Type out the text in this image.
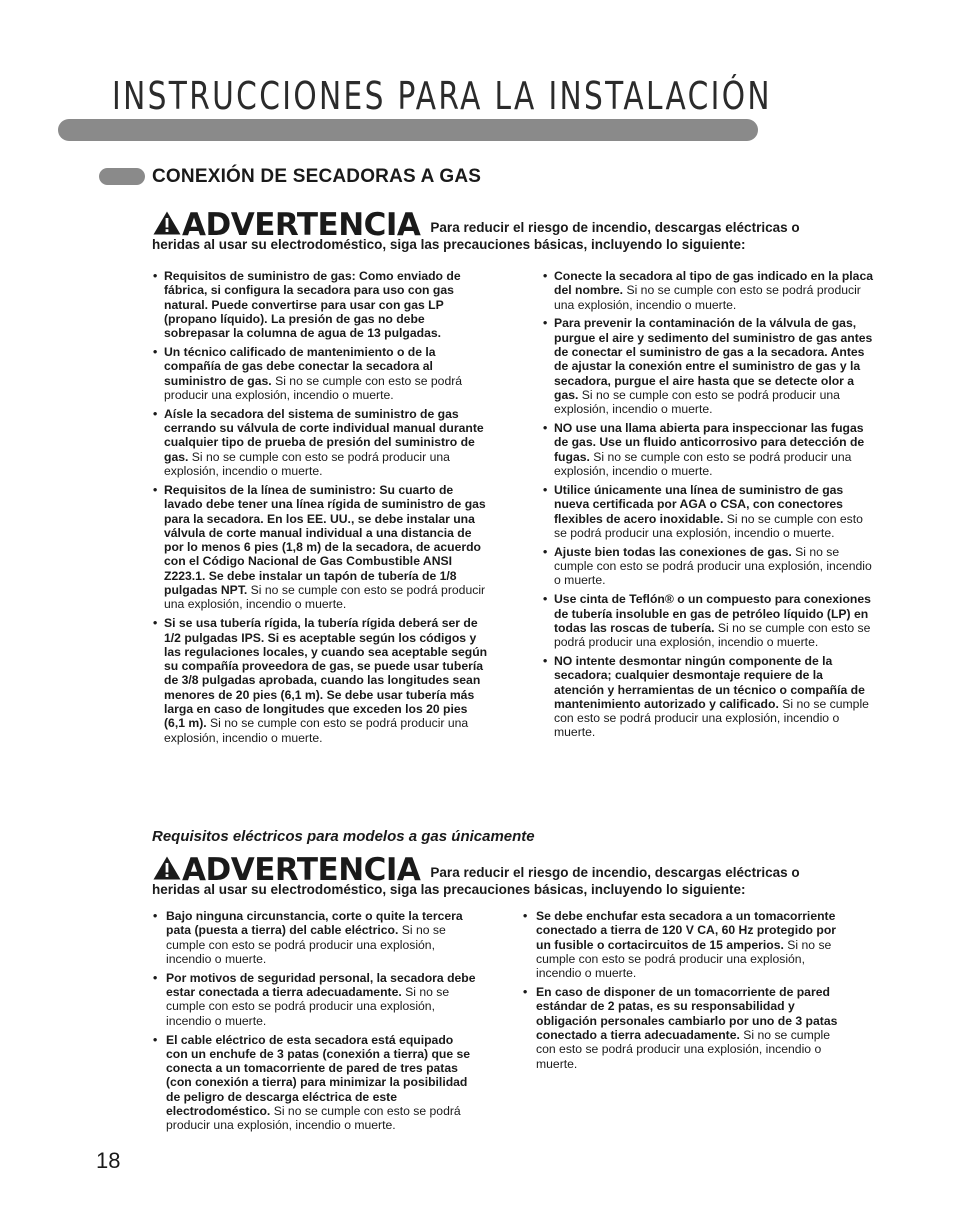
INSTRUCCIONES PARA LA INSTALACIÓN
CONEXIÓN DE SECADORAS A GAS
ADVERTENCIA Para reducir el riesgo de incendio, descargas eléctricas o
heridas al usar su electrodoméstico, siga las precauciones básicas, incluyendo lo siguiente:
• Requisitos de suministro de gas: Como enviado de fábrica, si configura la secadora para uso con gas natural. Puede convertirse para usar con gas LP (propano líquido). La presión de gas no debe sobrepasar la columna de agua de 13 pulgadas.
• Un técnico calificado de mantenimiento o de la compañía de gas debe conectar la secadora al suministro de gas. Si no se cumple con esto se podrá producir una explosión, incendio o muerte.
• Aísle la secadora del sistema de suministro de gas cerrando su válvula de corte individual manual durante cualquier tipo de prueba de presión del suministro de gas. Si no se cumple con esto se podrá producir una explosión, incendio o muerte.
• Requisitos de la línea de suministro: Su cuarto de lavado debe tener una línea rígida de suministro de gas para la secadora. En los EE. UU., se debe instalar una válvula de corte manual individual a una distancia de por lo menos 6 pies (1,8 m) de la secadora, de acuerdo con el Código Nacional de Gas Combustible ANSI Z223.1. Se debe instalar un tapón de tubería de 1/8 pulgadas NPT. Si no se cumple con esto se podrá producir una explosión, incendio o muerte.
• Si se usa tubería rígida, la tubería rígida deberá ser de 1/2 pulgadas IPS. Si es aceptable según los códigos y las regulaciones locales, y cuando sea aceptable según su compañía proveedora de gas, se puede usar tubería de 3/8 pulgadas aprobada, cuando las longitudes sean menores de 20 pies (6,1 m). Se debe usar tubería más larga en caso de longitudes que exceden los 20 pies (6,1 m). Si no se cumple con esto se podrá producir una explosión, incendio o muerte.
• Conecte la secadora al tipo de gas indicado en la placa del nombre. Si no se cumple con esto se podrá producir una explosión, incendio o muerte.
• Para prevenir la contaminación de la válvula de gas, purgue el aire y sedimento del suministro de gas antes de conectar el suministro de gas a la secadora. Antes de ajustar la conexión entre el suministro de gas y la secadora, purgue el aire hasta que se detecte olor a gas. Si no se cumple con esto se podrá producir una explosión, incendio o muerte.
• NO use una llama abierta para inspeccionar las fugas de gas. Use un fluido anticorrosivo para detección de fugas. Si no se cumple con esto se podrá producir una explosión, incendio o muerte.
• Utilice únicamente una línea de suministro de gas nueva certificada por AGA o CSA, con conectores flexibles de acero inoxidable. Si no se cumple con esto se podrá producir una explosión, incendio o muerte.
• Ajuste bien todas las conexiones de gas. Si no se cumple con esto se podrá producir una explosión, incendio o muerte.
• Use cinta de Teflón® o un compuesto para conexiones de tubería insoluble en gas de petróleo líquido (LP) en todas las roscas de tubería. Si no se cumple con esto se podrá producir una explosión, incendio o muerte.
• NO intente desmontar ningún componente de la secadora; cualquier desmontaje requiere de la atención y herramientas de un técnico o compañía de mantenimiento autorizado y calificado. Si no se cumple con esto se podrá producir una explosión, incendio o muerte.
Requisitos eléctricos para modelos a gas únicamente
ADVERTENCIA Para reducir el riesgo de incendio, descargas eléctricas o
heridas al usar su electrodoméstico, siga las precauciones básicas, incluyendo lo siguiente:
• Bajo ninguna circunstancia, corte o quite la tercera pata (puesta a tierra) del cable eléctrico. Si no se cumple con esto se podrá producir una explosión, incendio o muerte.
• Por motivos de seguridad personal, la secadora debe estar conectada a tierra adecuadamente. Si no se cumple con esto se podrá producir una explosión, incendio o muerte.
• El cable eléctrico de esta secadora está equipado con un enchufe de 3 patas (conexión a tierra) que se conecta a un tomacorriente de pared de tres patas (con conexión a tierra) para minimizar la posibilidad de peligro de descarga eléctrica de este electrodoméstico. Si no se cumple con esto se podrá producir una explosión, incendio o muerte.
• Se debe enchufar esta secadora a un tomacorriente conectado a tierra de 120 V CA, 60 Hz protegido por un fusible o cortacircuitos de 15 amperios. Si no se cumple con esto se podrá producir una explosión, incendio o muerte.
• En caso de disponer de un tomacorriente de pared estándar de 2 patas, es su responsabilidad y obligación personales cambiarlo por uno de 3 patas conectado a tierra adecuadamente. Si no se cumple con esto se podrá producir una explosión, incendio o muerte.
18
